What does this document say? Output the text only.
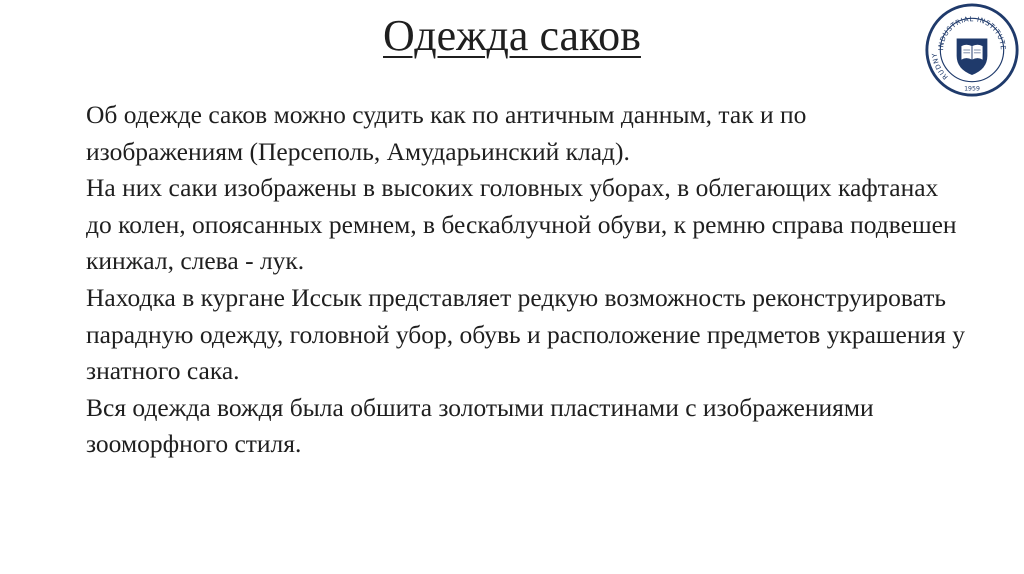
Одежда саков	INDUSTRIAL INSTITUTE
RUDNY
1959

Об одежде саков можно судить как по античным данным, так и по изображениям (Персеполь, Амударьинский клад).

На них саки изображены в высоких головных уборах, в облегающих кафтанах до колен, опоясанных ремнем, в бескаблучной обуви, к ремню справа подвешен кинжал, слева - лук.

Находка в кургане Иссык представляет редкую возможность реконструировать парадную одежду, головной убор, обувь и расположение предметов украшения у знатного сака.

Вся одежда вождя была обшита золотыми пластинами с изображениями зооморфного стиля.
